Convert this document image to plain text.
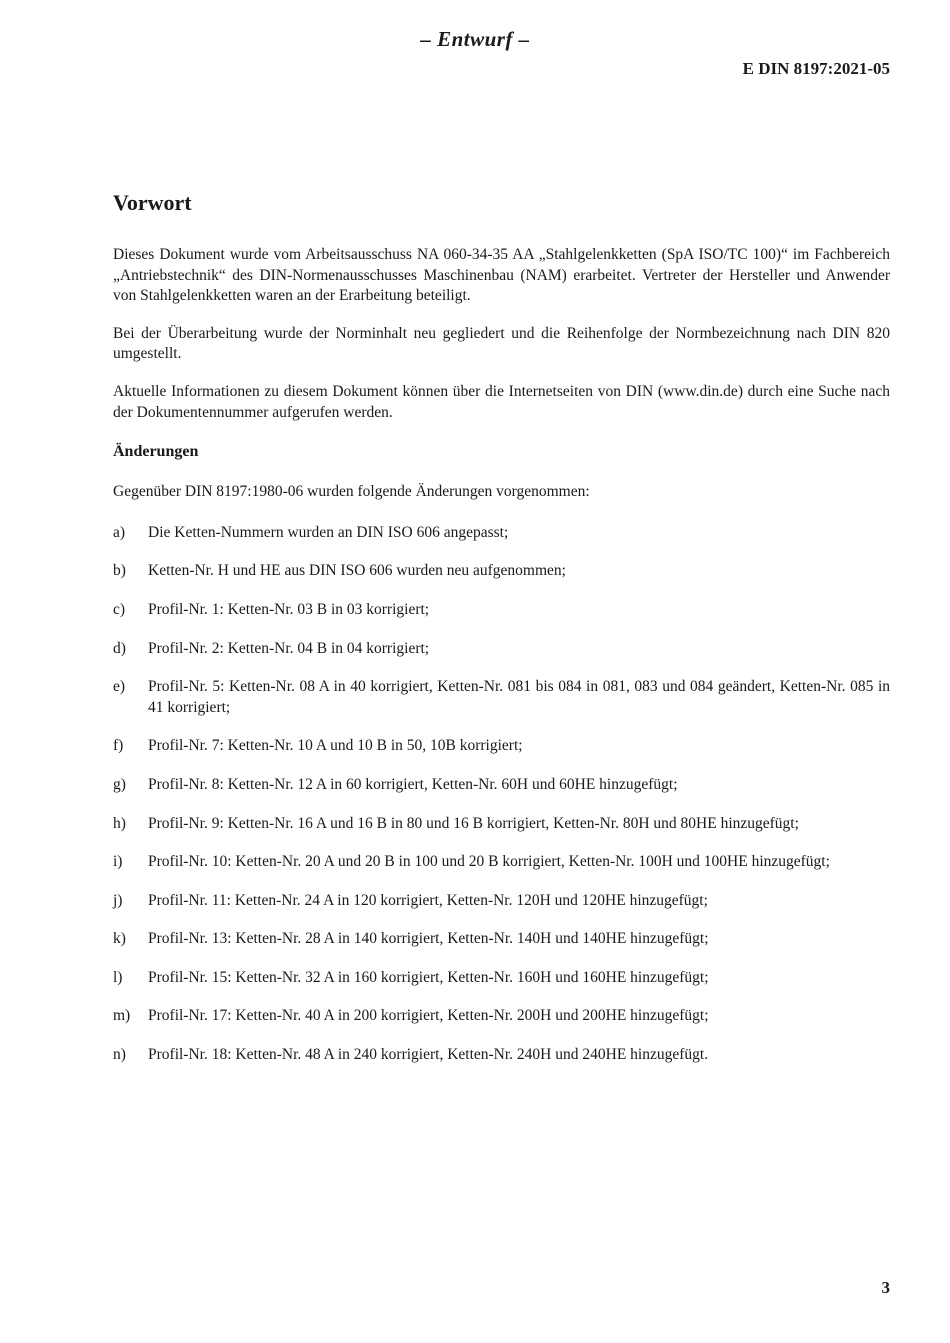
– Entwurf –
E DIN 8197:2021-05
Vorwort

Dieses Dokument wurde vom Arbeitsausschuss NA 060-34-35 AA „Stahlgelenkketten (SpA ISO/TC 100)“ im Fachbereich „Antriebstechnik“ des DIN-Normenausschusses Maschinenbau (NAM) erarbeitet. Vertreter der Hersteller und Anwender von Stahlgelenkketten waren an der Erarbeitung beteiligt.

Bei der Überarbeitung wurde der Norminhalt neu gegliedert und die Reihenfolge der Normbezeichnung nach DIN 820 umgestellt.

Aktuelle Informationen zu diesem Dokument können über die Internetseiten von DIN (www.din.de) durch eine Suche nach der Dokumentennummer aufgerufen werden.

Änderungen

Gegenüber DIN 8197:1980-06 wurden folgende Änderungen vorgenommen:

a)	Die Ketten-Nummern wurden an DIN ISO 606 angepasst;
b)	Ketten-Nr. H und HE aus DIN ISO 606 wurden neu aufgenommen;
c)	Profil-Nr. 1: Ketten-Nr. 03 B in 03 korrigiert;
d)	Profil-Nr. 2: Ketten-Nr. 04 B in 04 korrigiert;
e)	Profil-Nr. 5: Ketten-Nr. 08 A in 40 korrigiert, Ketten-Nr. 081 bis 084 in 081, 083 und 084 geändert, Ketten-Nr. 085 in 41 korrigiert;
f)	Profil-Nr. 7: Ketten-Nr. 10 A und 10 B in 50, 10B korrigiert;
g)	Profil-Nr. 8: Ketten-Nr. 12 A in 60 korrigiert, Ketten-Nr. 60H und 60HE hinzugefügt;
h)	Profil-Nr. 9: Ketten-Nr. 16 A und 16 B in 80 und 16 B korrigiert, Ketten-Nr. 80H und 80HE hinzugefügt;
i)	Profil-Nr. 10: Ketten-Nr. 20 A und 20 B in 100 und 20 B korrigiert, Ketten-Nr. 100H und 100HE hinzugefügt;
j)	Profil-Nr. 11: Ketten-Nr. 24 A in 120 korrigiert, Ketten-Nr. 120H und 120HE hinzugefügt;
k)	Profil-Nr. 13: Ketten-Nr. 28 A in 140 korrigiert, Ketten-Nr. 140H und 140HE hinzugefügt;
l)	Profil-Nr. 15: Ketten-Nr. 32 A in 160 korrigiert, Ketten-Nr. 160H und 160HE hinzugefügt;
m)	Profil-Nr. 17: Ketten-Nr. 40 A in 200 korrigiert, Ketten-Nr. 200H und 200HE hinzugefügt;
n)	Profil-Nr. 18: Ketten-Nr. 48 A in 240 korrigiert, Ketten-Nr. 240H und 240HE hinzugefügt.
3
